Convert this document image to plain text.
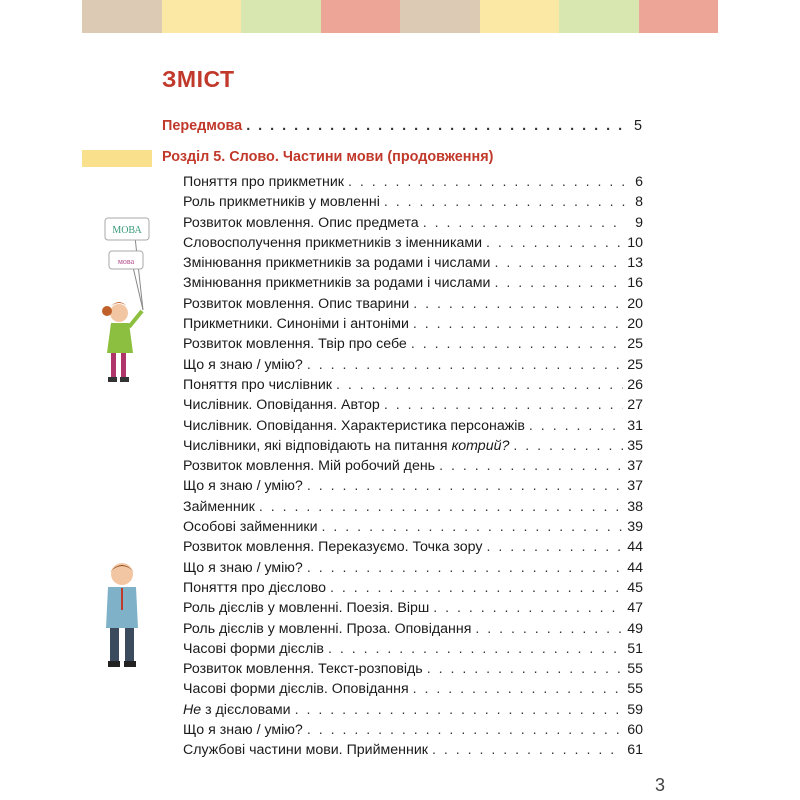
ЗМІСТ
Передмова . . .	5
Розділ 5. Слово. Частини мови (продовження)
Поняття про прикметник . . .	6
Роль прикметників у мовленні . . .	8
Розвиток мовлення. Опис предмета . . .	9
Словосполучення прикметників з іменниками . . .	10
Змінювання прикметників за родами і числами . . .	13
Змінювання прикметників за родами і числами . . .	16
Розвиток мовлення. Опис тварини . . .	20
Прикметники. Синоніми і антоніми . . .	20
Розвиток мовлення. Твір про себе . . .	25
Що я знаю / умію? . . .	25
Поняття про числівник . . .	26
Числівник. Оповідання. Автор . . .	27
Числівник. Оповідання. Характеристика персонажів . . .	31
Числівники, які відповідають на питання котрий? . . .	35
Розвиток мовлення. Мій робочий день . . .	37
Що я знаю / умію? . . .	37
Займенник . . .	38
Особові займенники . . .	39
Розвиток мовлення. Переказуємо. Точка зору . . .	44
Що я знаю / умію? . . .	44
Поняття про дієслово . . .	45
Роль дієслів у мовленні. Поезія. Вірш . . .	47
Роль дієслів у мовленні. Проза. Оповідання . . .	49
Часові форми дієслів . . .	51
Розвиток мовлення. Текст-розповідь . . .	55
Часові форми дієслів. Оповідання . . .	55
Не з дієсловами . . .	59
Що я знаю / умію? . . .	60
Службові частини мови. Прийменник . . .	61
МОВА
мова
3
